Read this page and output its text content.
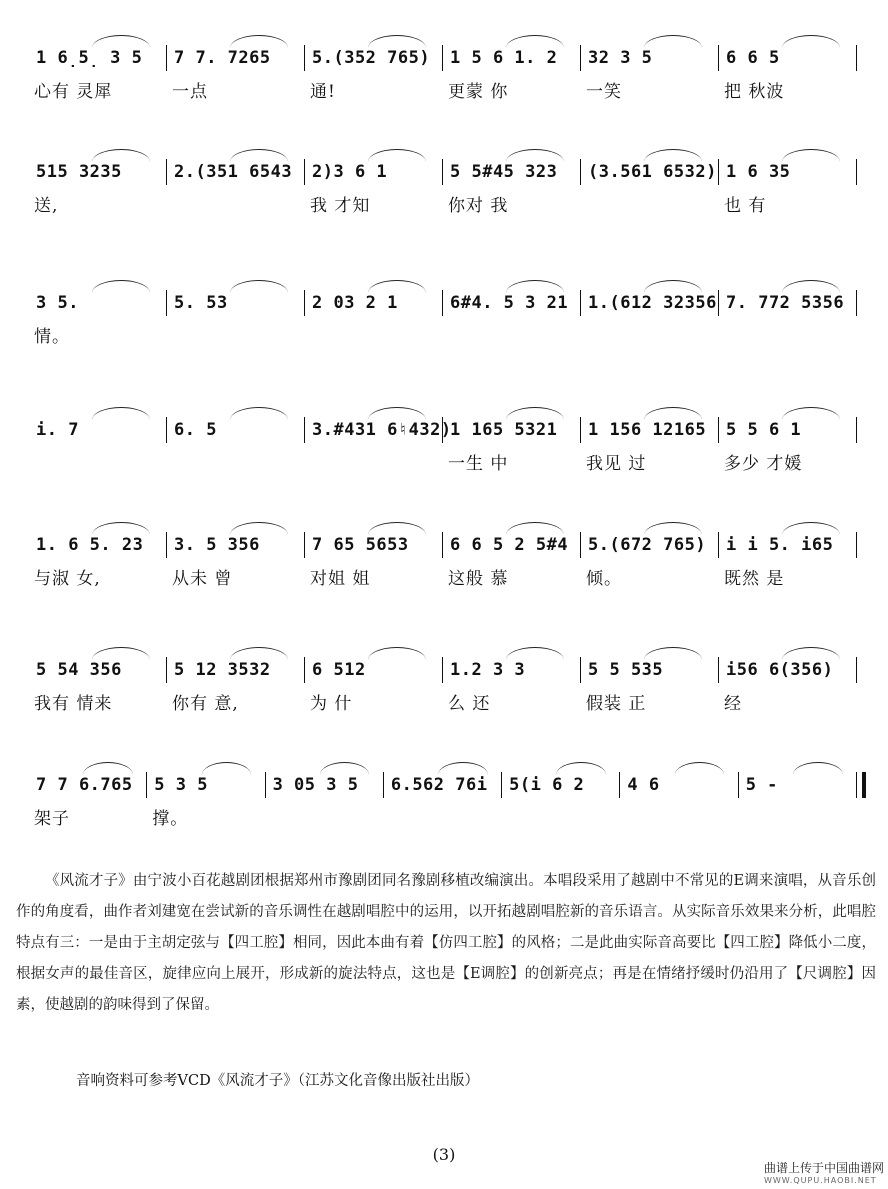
1 6̣5̣ 3 5 7 7. 7265 5.(352 765) 1 5 6 1. 2 32 3 5	6 6 5
心有 灵犀	一点	通!	更蒙 你	一笑	把 秋波
515 3235	2.(351 6543 2)3 6 1	5 5#45 323 (3.561 6532) 1 6 35
送,	我 才知	你对 我	也 有
3 5.	5. 53	2 03 2 1	6#4. 5 3 21 1.(612 32356 7. 772 5356
情。
i. 7	6. 5	3.#431 6♮432)
1 165 5321 1 156 12165 5 5 6 1
一生 中	我见 过	多少 才媛
1. 6 5. 23 3. 5 356	7 65 5653 6 6 5 2 5#4 5.(672 765) i i 5. i65
与淑 女,	从未 曾	对姐 姐	这般 慕	倾。	既然 是
5 54 356	5 12 3532 6 512	1.2 3 3	5 5 535	i56 6(356)
我有 情来	你有 意,	为 什	么 还	假装 正	经
7 7 6.765 5 3 5	3 05 3 5 6.562 76i 5(i 6 2	4 6	5 -
架子	撑。

《风流才子》由宁波小百花越剧团根据郑州市豫剧团同名豫剧移植改编演出。本唱段采用了越剧中不常见的E调来演唱，从音乐创作的角度看，曲作者刘建宽在尝试新的音乐调性在越剧唱腔中的运用，以开拓越剧唱腔新的音乐语言。从实际音乐效果来分析，此唱腔特点有三：一是由于主胡定弦与【四工腔】相同，因此本曲有着【仿四工腔】的风格；二是此曲实际音高要比【四工腔】降低小二度，根据女声的最佳音区，旋律应向上展开，形成新的旋法特点，这也是【E调腔】的创新亮点；再是在情绪抒缓时仍沿用了【尺调腔】因素，使越剧的韵味得到了保留。

音响资料可参考VCD《风流才子》（江苏文化音像出版社出版）
(3)
曲谱上传于中国曲谱网
WWW.QUPU.HAOBI.NET
